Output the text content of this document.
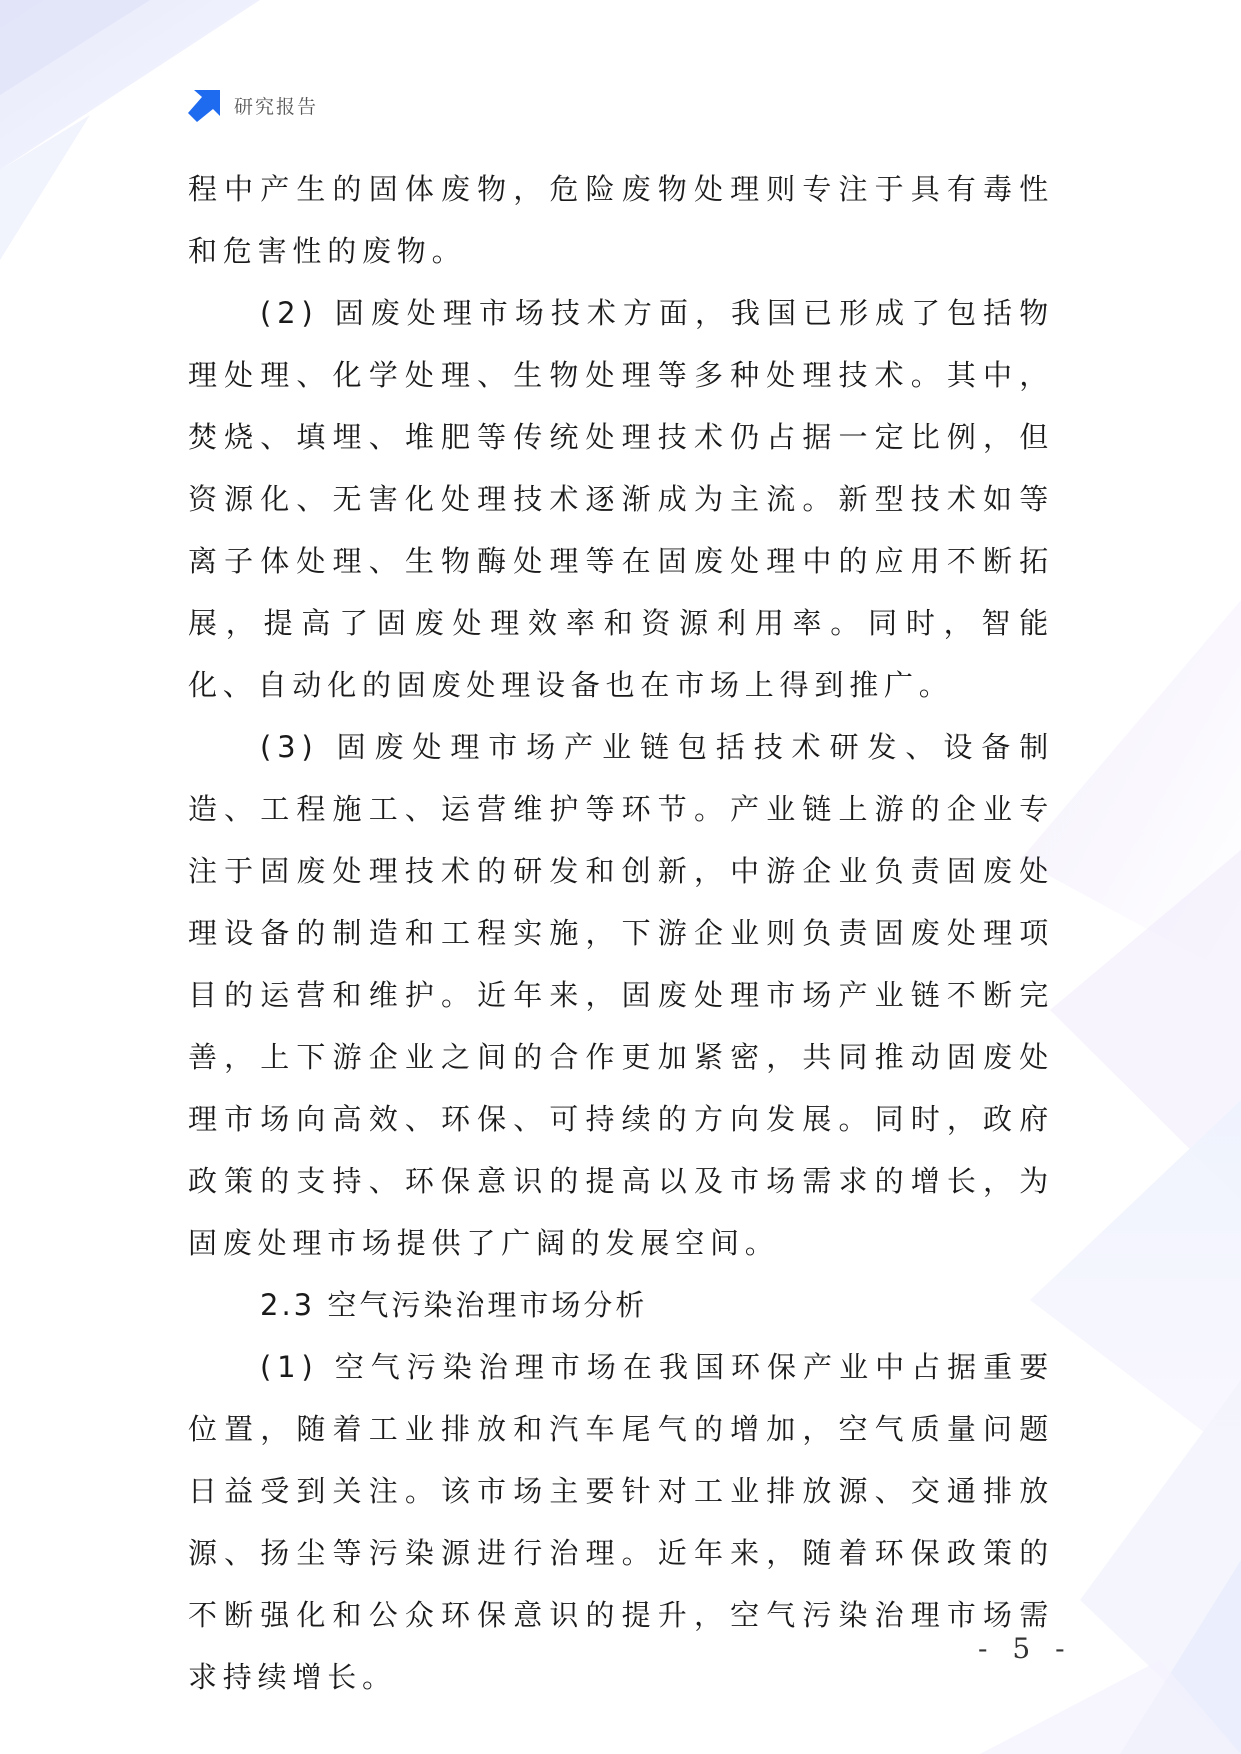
研究报告

程中产生的固体废物，危险废物处理则专注于具有毒性和危害性的废物。

(2) 固废处理市场技术方面，我国已形成了包括物理处理、化学处理、生物处理等多种处理技术。其中，焚烧、填埋、堆肥等传统处理技术仍占据一定比例，但资源化、无害化处理技术逐渐成为主流。新型技术如等离子体处理、生物酶处理等在固废处理中的应用不断拓展，提高了固废处理效率和资源利用率。同时，智能化、自动化的固废处理设备也在市场上得到推广。

(3) 固废处理市场产业链包括技术研发、设备制造、工程施工、运营维护等环节。产业链上游的企业专注于固废处理技术的研发和创新，中游企业负责固废处理设备的制造和工程实施，下游企业则负责固废处理项目的运营和维护。近年来，固废处理市场产业链不断完善，上下游企业之间的合作更加紧密，共同推动固废处理市场向高效、环保、可持续的方向发展。同时，政府政策的支持、环保意识的提高以及市场需求的增长，为固废处理市场提供了广阔的发展空间。

2.3 空气污染治理市场分析

(1) 空气污染治理市场在我国环保产业中占据重要位置，随着工业排放和汽车尾气的增加，空气质量问题日益受到关注。该市场主要针对工业排放源、交通排放源、扬尘等污染源进行治理。近年来，随着环保政策的不断强化和公众环保意识的提升，空气污染治理市场需求持续增长。

- 5 -
